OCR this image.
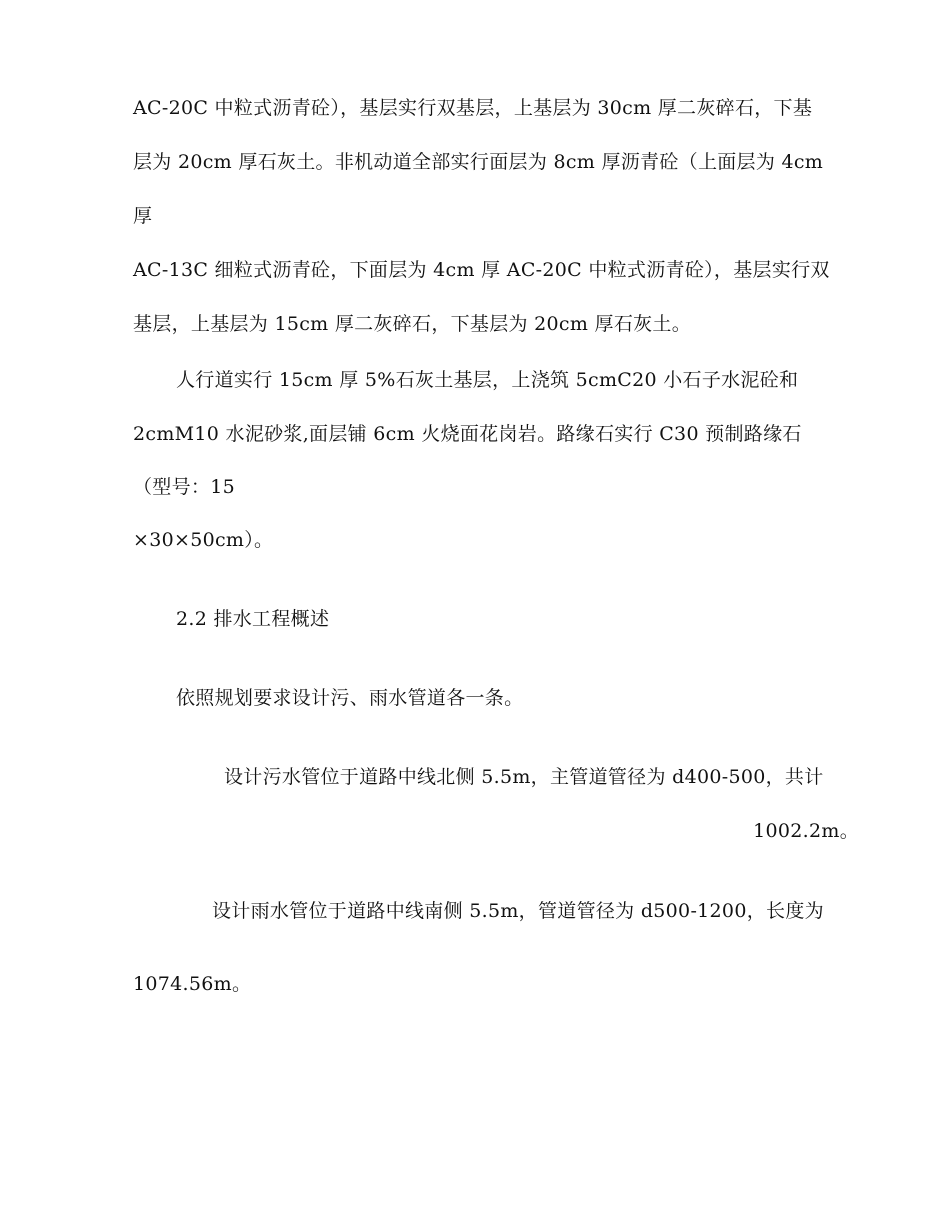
AC-20C 中粒式沥青砼），基层实行双基层，上基层为 30cm 厚二灰碎石，下基
层为 20cm 厚石灰土。非机动道全部实行面层为 8cm 厚沥青砼（上面层为 4cm
厚
AC-13C 细粒式沥青砼，下面层为 4cm 厚 AC-20C 中粒式沥青砼），基层实行双
基层，上基层为 15cm 厚二灰碎石，下基层为 20cm 厚石灰土。
人行道实行 15cm 厚 5%石灰土基层，上浇筑 5cmC20 小石子水泥砼和
2cmM10 水泥砂浆,面层铺 6cm 火烧面花岗岩。路缘石实行 C30 预制路缘石
（型号：15
×30×50cm）。
2.2 排水工程概述
依照规划要求设计污、雨水管道各一条。
设计污水管位于道路中线北侧 5.5m，主管道管径为 d400-500，共计
1002.2m。
设计雨水管位于道路中线南侧 5.5m，管道管径为 d500-1200，长度为
1074.56m。
